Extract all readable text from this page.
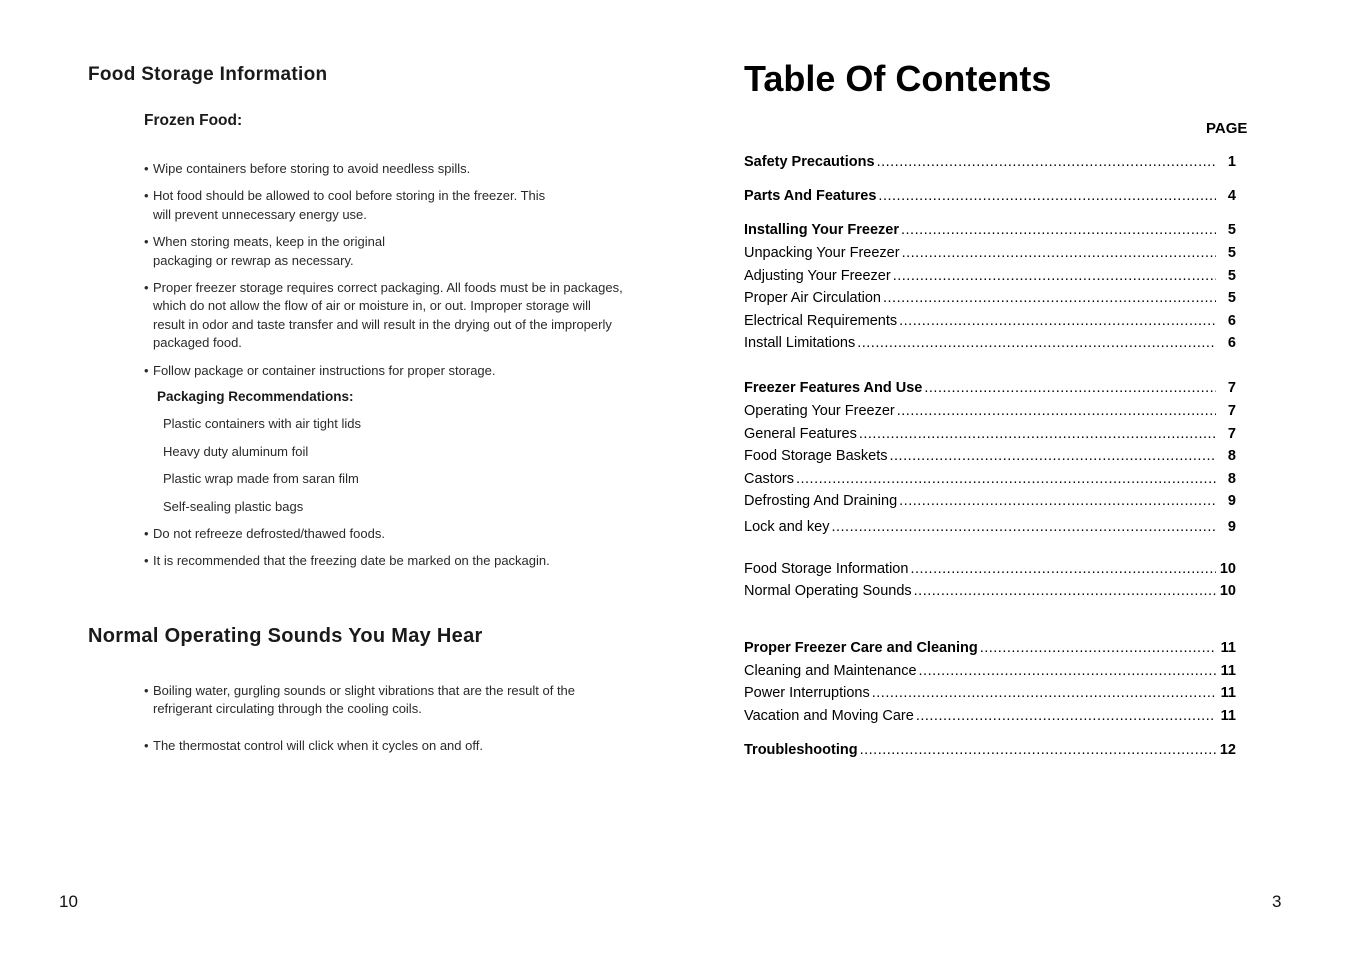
Food Storage Information
Frozen Food:
• Wipe containers before storing to avoid needless spills.
• Hot food should be allowed to cool before storing in the freezer. This will prevent unnecessary energy use.
• When storing meats, keep in the original packaging or rewrap as necessary.
• Proper freezer storage requires correct packaging. All foods must be in packages, which do not allow the flow of air or moisture in, or out. Improper storage will result in odor and taste transfer and will result in the drying out of the improperly packaged food.
• Follow package or container instructions for proper storage.
Packaging Recommendations:
Plastic containers with air tight lids
Heavy duty aluminum foil
Plastic wrap made from saran film
Self-sealing plastic bags
• Do not refreeze defrosted/thawed foods.
• It is recommended that the freezing date be marked on the packagin.
Normal Operating Sounds You May Hear
• Boiling water, gurgling sounds or slight vibrations that are the result of the refrigerant circulating through the cooling coils.
• The thermostat control will click when it cycles on and off.
10
Table Of Contents
PAGE
Safety Precautions .....	1
Parts And Features .....	4
Installing Your Freezer .....	5
Unpacking Your Freezer .....	5
Adjusting Your Freezer .....	5
Proper Air Circulation .....	5
Electrical Requirements .....	6
Install Limitations .....	6
Freezer Features And Use .....	7
Operating Your Freezer .....	7
General Features .....	7
Food Storage Baskets .....	8
Castors .....	8
Defrosting And Draining .....	9
Lock and key .....	9
Food Storage Information .....	10
Normal Operating Sounds .....	10
Proper Freezer Care and Cleaning .....	11
Cleaning and Maintenance .....	11
Power Interruptions .....	11
Vacation and Moving Care .....	11
Troubleshooting .....	12
3
